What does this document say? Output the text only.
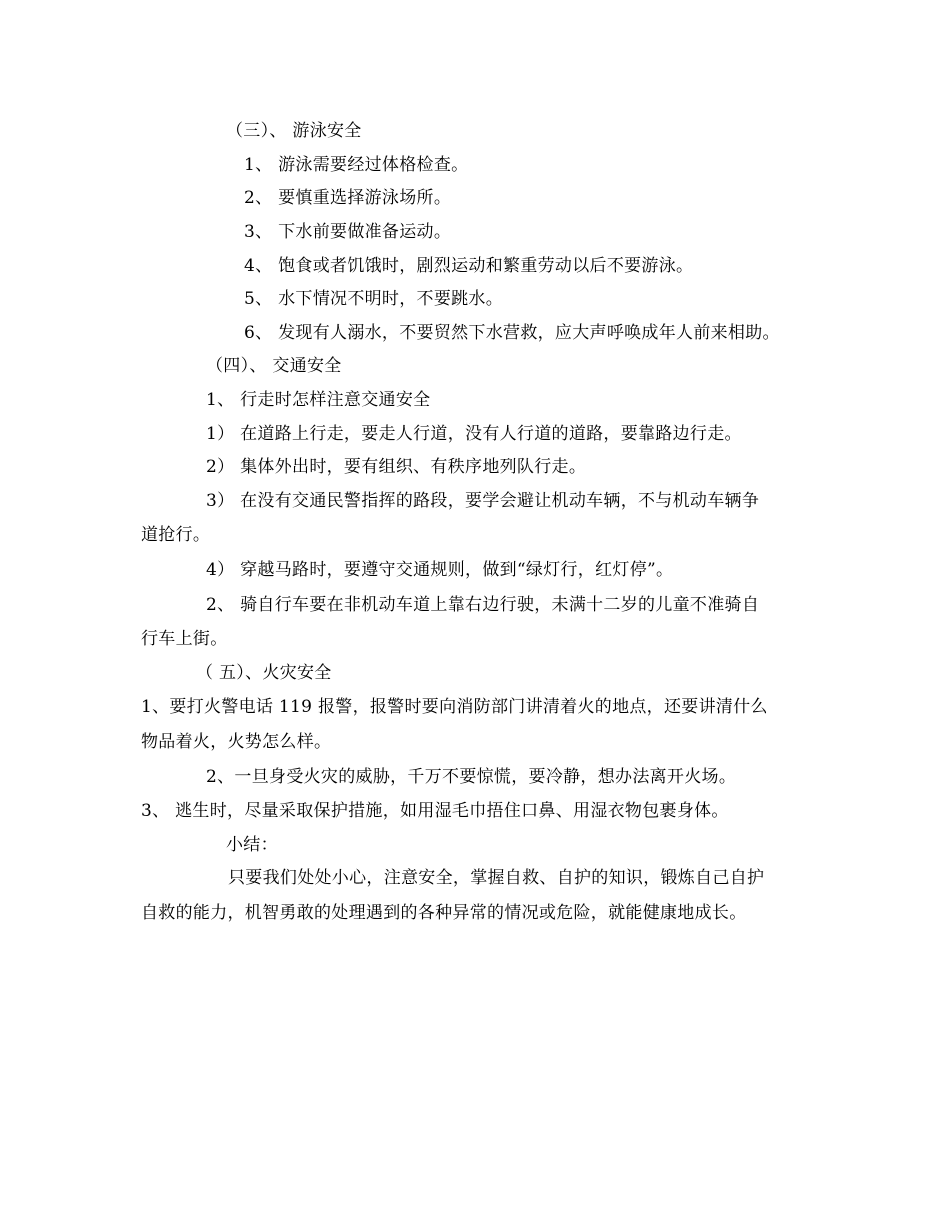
（三）、 游泳安全
1、 游泳需要经过体格检查。
2、 要慎重选择游泳场所。
3、 下水前要做准备运动。
4、 饱食或者饥饿时，剧烈运动和繁重劳动以后不要游泳。
5、 水下情况不明时，不要跳水。
6、 发现有人溺水，不要贸然下水营救，应大声呼唤成年人前来相助。
（四）、 交通安全
1、 行走时怎样注意交通安全
1） 在道路上行走，要走人行道，没有人行道的道路，要靠路边行走。
2） 集体外出时，要有组织、有秩序地列队行走。
3） 在没有交通民警指挥的路段，要学会避让机动车辆，不与机动车辆争
道抢行。
4） 穿越马路时，要遵守交通规则，做到“绿灯行，红灯停”。
2、 骑自行车要在非机动车道上靠右边行驶，未满十二岁的儿童不准骑自
行车上街。
（ 五）、火灾安全
1、要打火警电话 119 报警，报警时要向消防部门讲清着火的地点，还要讲清什么
物品着火，火势怎么样。
2、一旦身受火灾的威胁，千万不要惊慌，要冷静，想办法离开火场。
3、 逃生时，尽量采取保护措施，如用湿毛巾捂住口鼻、用湿衣物包裹身体。
小结：
只要我们处处小心，注意安全，掌握自救、自护的知识，锻炼自己自护
自救的能力，机智勇敢的处理遇到的各种异常的情况或危险，就能健康地成长。
